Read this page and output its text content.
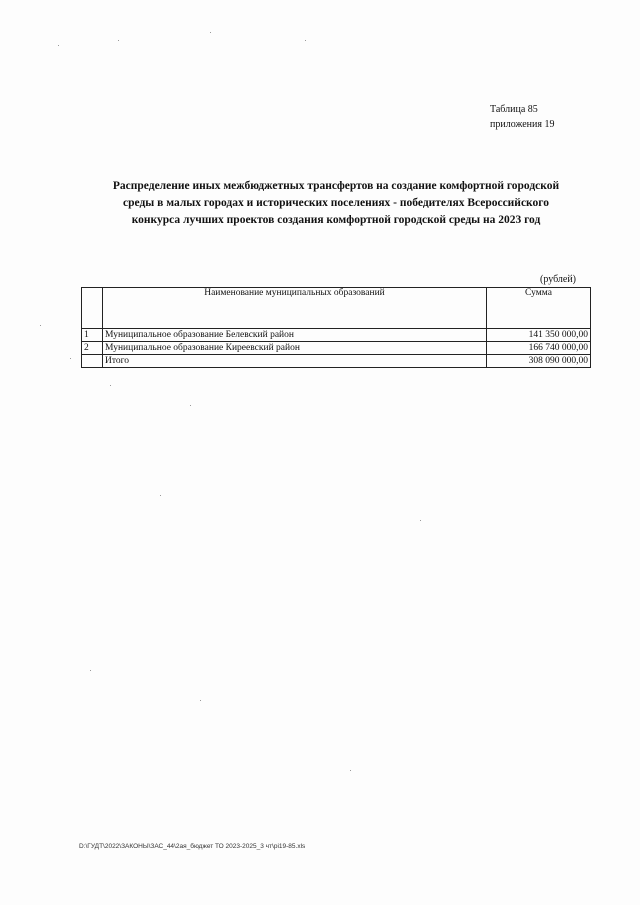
Таблица 85
приложения 19
Распределение иных межбюджетных трансфертов на создание комфортной городской
среды в малых городах и исторических поселениях - победителях Всероссийского
конкурса лучших проектов создания комфортной городской среды на 2023 год
(рублей)
	Наименование муниципальных образований	Сумма
1	Муниципальное образование Белевский район	141 350 000,00
2	Муниципальное образование Киреевский район	166 740 000,00
	Итого	308 090 000,00
D:\ГУДТ\2022\ЗАКОНЫ\ЗАС_44\2ая_бюджет ТО 2023-2025_3 чт\рi19-85.xls
